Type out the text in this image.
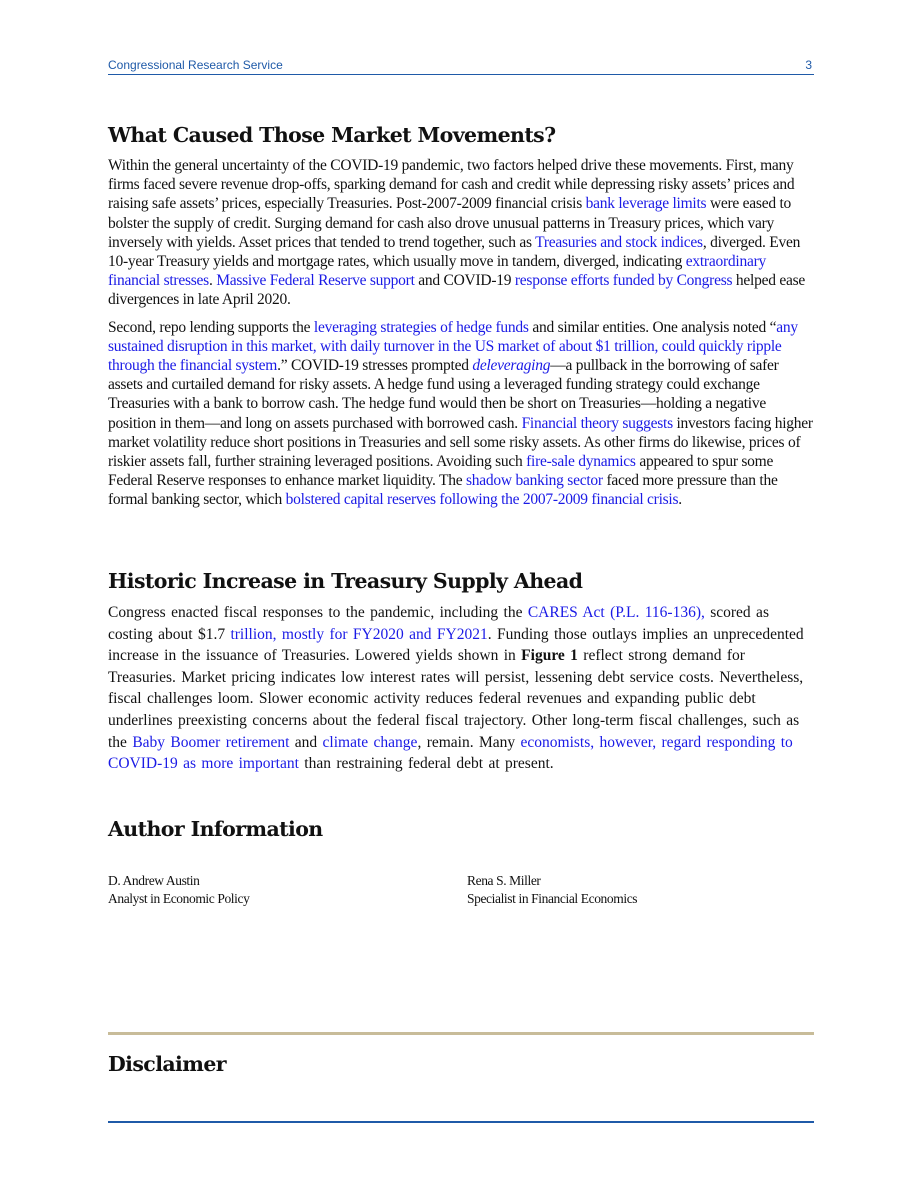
Congressional Research Service	3
What Caused Those Market Movements?

Within the general uncertainty of the COVID-19 pandemic, two factors helped drive these movements. First, many firms faced severe revenue drop-offs, sparking demand for cash and credit while depressing risky assets’ prices and raising safe assets’ prices, especially Treasuries. Post-2007-2009 financial crisis bank leverage limits were eased to bolster the supply of credit. Surging demand for cash also drove unusual patterns in Treasury prices, which vary inversely with yields. Asset prices that tended to trend together, such as Treasuries and stock indices, diverged. Even 10-year Treasury yields and mortgage rates, which usually move in tandem, diverged, indicating extraordinary financial stresses. Massive Federal Reserve support and COVID-19 response efforts funded by Congress helped ease divergences in late April 2020.

Second, repo lending supports the leveraging strategies of hedge funds and similar entities. One analysis noted “any sustained disruption in this market, with daily turnover in the US market of about $1 trillion, could quickly ripple through the financial system.” COVID-19 stresses prompted deleveraging—a pullback in the borrowing of safer assets and curtailed demand for risky assets. A hedge fund using a leveraged funding strategy could exchange Treasuries with a bank to borrow cash. The hedge fund would then be short on Treasuries—holding a negative position in them—and long on assets purchased with borrowed cash. Financial theory suggests investors facing higher market volatility reduce short positions in Treasuries and sell some risky assets. As other firms do likewise, prices of riskier assets fall, further straining leveraged positions. Avoiding such fire-sale dynamics appeared to spur some Federal Reserve responses to enhance market liquidity. The shadow banking sector faced more pressure than the formal banking sector, which bolstered capital reserves following the 2007-2009 financial crisis.

Historic Increase in Treasury Supply Ahead

Congress enacted fiscal responses to the pandemic, including the CARES Act (P.L. 116-136), scored as costing about $1.7 trillion, mostly for FY2020 and FY2021. Funding those outlays implies an unprecedented increase in the issuance of Treasuries. Lowered yields shown in Figure 1 reflect strong demand for Treasuries. Market pricing indicates low interest rates will persist, lessening debt service costs. Nevertheless, fiscal challenges loom. Slower economic activity reduces federal revenues and expanding public debt underlines preexisting concerns about the federal fiscal trajectory. Other long-term fiscal challenges, such as the Baby Boomer retirement and climate change, remain. Many economists, however, regard responding to COVID-19 as more important than restraining federal debt at present.

Author Information
D. Andrew Austin
Analyst in Economic Policy
Rena S. Miller
Specialist in Financial Economics
Disclaimer
